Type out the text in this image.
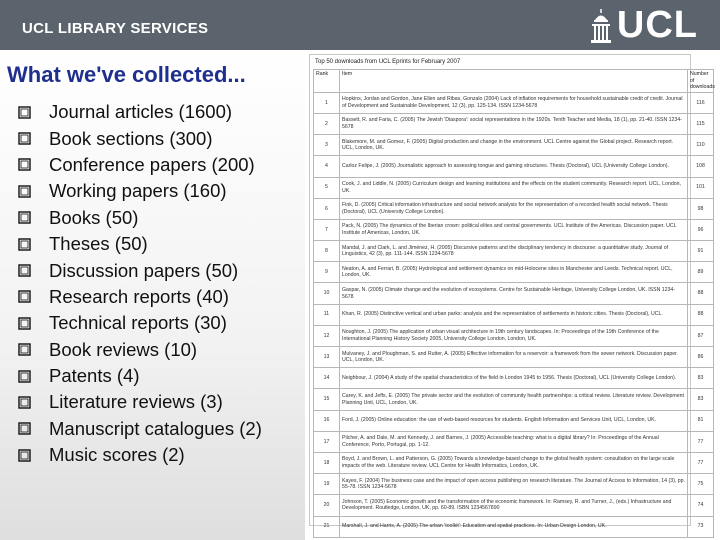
UCL LIBRARY SERVICES	UCL
What we've collected...
Journal articles (1600)
Book sections (300)
Conference papers (200)
Working papers (160)
Books (50)
Theses (50)
Discussion papers (50)
Research reports (40)
Technical reports (30)
Book reviews (10)
Patents (4)
Literature reviews (3)
Manuscript catalogues (2)
Music scores (2)
Top 50 downloads from UCL Eprints for February 2007
Rank	Item	Number of downloads
1	Hopkins, Jordan and Gordon, Jane Ellen and Ribas, Gonzalo (2004) Lack of inflation requirements for household sustainable credit of credit. Journal of Development and Sustainable Development, 12 (3), pp. 125-134. ISSN 1234-5678	116
2	Bassett, R. and Faria, C. (2005) The Jewish 'Diaspora': social representations in the 1920s. Tenth Teacher and Media, 18 (1), pp. 21-40. ISSN 1234-5678	115
3	Blakemore, M. and Gomez, F. (2005) Digital production and change in the environment. UCL Centre against the Global project. Research report. UCL, London, UK.	110
4	Carloz Felipe, J. (2005) Journalistic approach to assessing tongue and gaming structures. Thesis (Doctoral), UCL (University College London).	108
5	Cook, J. and Liddle, N. (2005) Curriculum design and learning institutions and the effects on the student community. Research report. UCL, London, UK.	101
6	Fink, D. (2005) Critical information infrastructure and social network analysis for the representation of a recorded health social network. Thesis (Doctoral), UCL (University College London).	98
7	Pack, N. (2005) The dynamics of the Iberian crown: political elites and central governments. UCL Institute of the Americas. Discussion paper. UCL Institute of Americas, London, UK.	96
8	Mandal, J. and Clark, L. and Jiménez, H. (2005) Discursive patterns and the disciplinary tendency in discourse: a quantitative study. Journal of Linguistics, 42 (3), pp. 111-144. ISSN 1234-5678	91
9	Neaton, A. and Ferrari, B. (2005) Hydrological and settlement dynamics on mid-Holocene sites in Manchester and Leeds. Technical report. UCL, London, UK.	89
10	Gaspar, N. (2005) Climate change and the evolution of ecosystems. Centre for Sustainable Heritage, University College London, UK. ISSN 1234-5678	88
11	Khan, R. (2005) Distinctive vertical and urban parks: analysis and the representation of settlements in historic cities. Thesis (Doctoral), UCL.	88
12	Noughton, J. (2005) The application of urban visual architecture in 19th century landscapes. In: Proceedings of the 19th Conference of the International Planning History Society 2005, University College London, London, UK.	87
13	Mulvaney, J. and Ploughman, S. and Rutter, A. (2005) Effective information for a reservoir: a framework from the sewer network. Discussion paper. UCL, London, UK.	86
14	Neighbour, J. (2004) A study of the spatial characteristics of the field in London 1945 to 1956. Thesis (Doctoral), UCL (University College London).	83
15	Carey, K. and Jeffs, E. (2005) The private sector and the evolution of community health partnerships: a critical review. Literature review. Development Planning Unit, UCL, London, UK.	83
16	Ford, J. (2005) Online education: the use of web-based resources for students. English Information and Services Unit, UCL, London, UK.	81
17	Pilcher, A. and Dale, M. and Kennedy, J. and Barnes, J. (2005) Accessible teaching: what is a digital library? In: Proceedings of the Annual Conference, Porto, Portugal, pp. 1-12.	77
18	Boyd, J. and Brown, L. and Patterson, G. (2005) Towards a knowledge-based change to the global health system: consultation on the large scale impacts of the web. Literature review. UCL Centre for Health Informatics, London, UK.	77
19	Kayes, F. (2004) The business case and the impact of open access publishing on research literature. The Journal of Access to Information, 14 (3), pp. 55-78. ISSN 1234-5678	75
20	Johnson, T. (2005) Economic growth and the transformation of the economic framework. In: Ramsey, R. and Turner, J., (eds.) Infrastructure and Development. Routledge, London, UK, pp. 60-89. ISBN 1234567890	74
21	Marshall, J. and Harris, A. (2005) The urban 'toolkit': Education and spatial practices. In: Urban Design London, UK.	73
